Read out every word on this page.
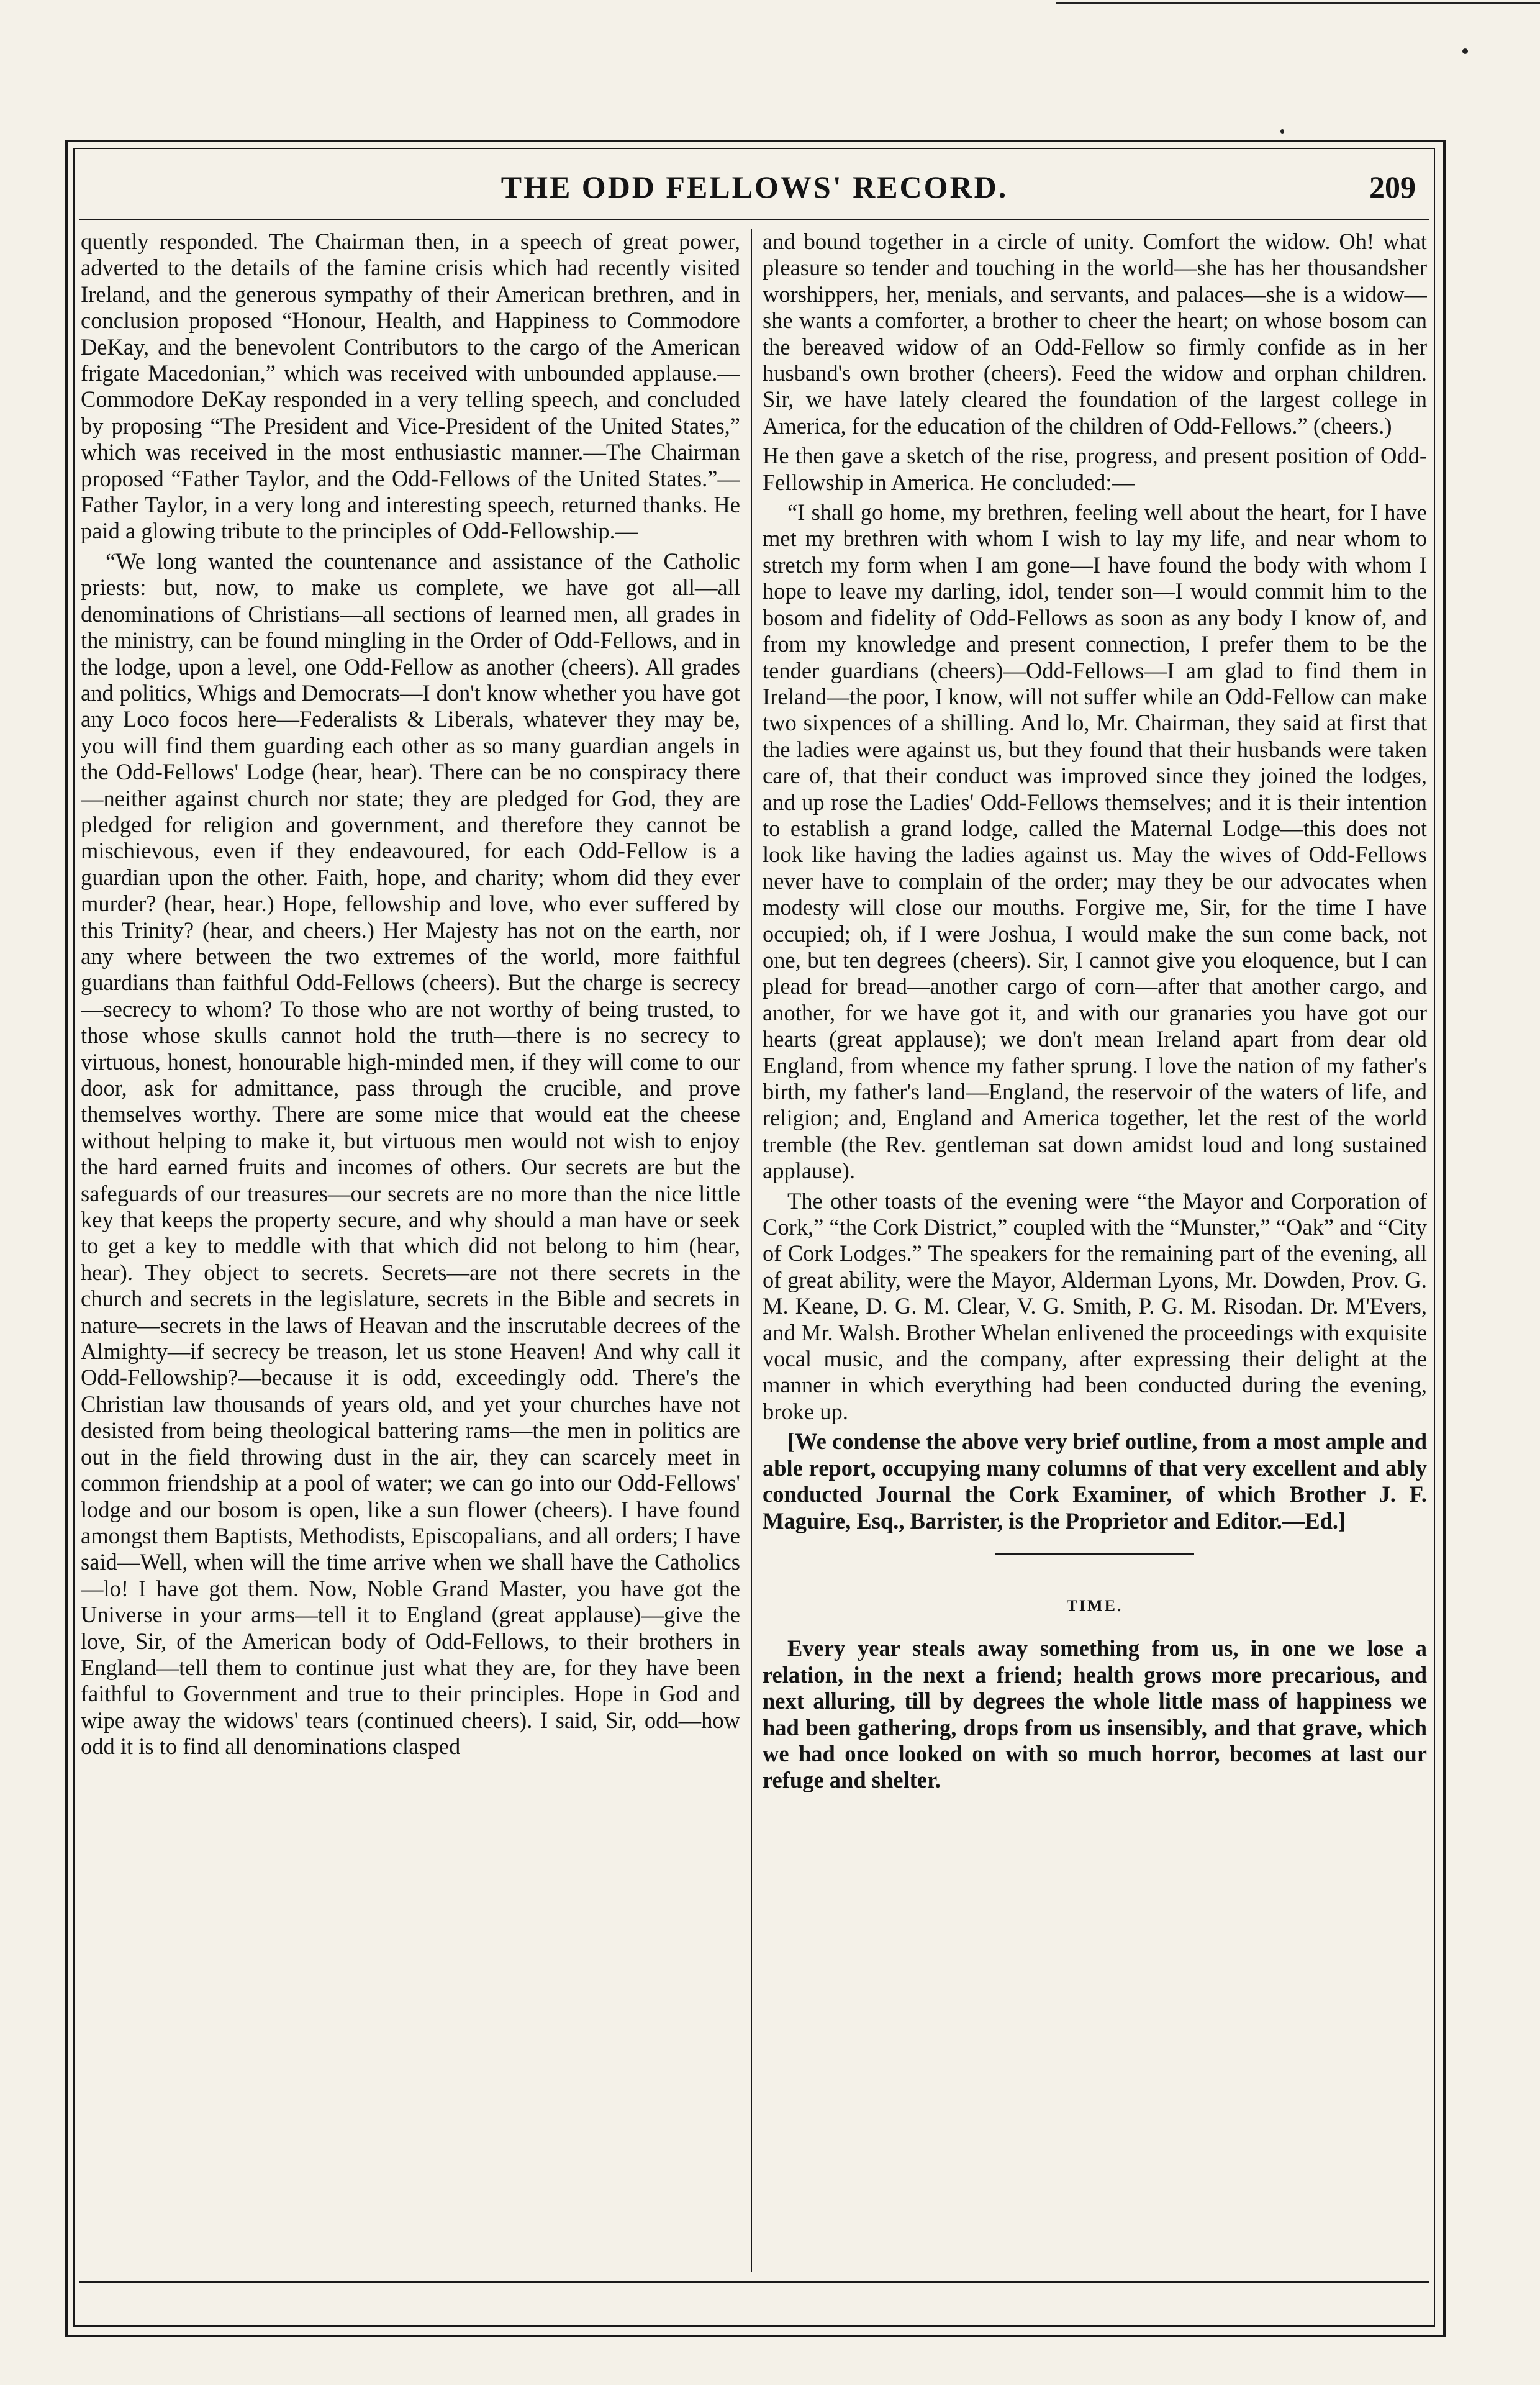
THE ODD FELLOWS' RECORD.	209

quently responded. The Chairman then, in a speech of great power, adverted to the details of the famine crisis which had recently visited Ireland, and the generous sympathy of their American brethren, and in conclusion proposed “Honour, Health, and Happiness to Commodore DeKay, and the benevolent Contributors to the cargo of the American frigate Macedonian,” which was received with unbounded applause.—Commodore DeKay responded in a very telling speech, and concluded by proposing “The President and Vice-President of the United States,” which was received in the most enthusiastic manner.—The Chairman proposed “Father Taylor, and the Odd-Fellows of the United States.”—Father Taylor, in a very long and interesting speech, returned thanks. He paid a glowing tribute to the principles of Odd-Fellowship.—

“We long wanted the countenance and assistance of the Catholic priests: but, now, to make us complete, we have got all—all denominations of Christians—all sections of learned men, all grades in the ministry, can be found mingling in the Order of Odd-Fellows, and in the lodge, upon a level, one Odd-Fellow as another (cheers). All grades and politics, Whigs and Democrats—I don't know whether you have got any Loco focos here—Federalists & Liberals, whatever they may be, you will find them guarding each other as so many guardian angels in the Odd-Fellows' Lodge (hear, hear). There can be no conspiracy there—neither against church nor state; they are pledged for God, they are pledged for religion and government, and therefore they cannot be mischievous, even if they endeavoured, for each Odd-Fellow is a guardian upon the other. Faith, hope, and charity; whom did they ever murder? (hear, hear.) Hope, fellowship and love, who ever suffered by this Trinity? (hear, and cheers.) Her Majesty has not on the earth, nor any where between the two extremes of the world, more faithful guardians than faithful Odd-Fellows (cheers). But the charge is secrecy—secrecy to whom? To those who are not worthy of being trusted, to those whose skulls cannot hold the truth—there is no secrecy to virtuous, honest, honourable high-minded men, if they will come to our door, ask for admittance, pass through the crucible, and prove themselves worthy. There are some mice that would eat the cheese without helping to make it, but virtuous men would not wish to enjoy the hard earned fruits and incomes of others. Our secrets are but the safeguards of our treasures—our secrets are no more than the nice little key that keeps the property secure, and why should a man have or seek to get a key to meddle with that which did not belong to him (hear, hear). They object to secrets. Secrets—are not there secrets in the church and secrets in the legislature, secrets in the Bible and secrets in nature—secrets in the laws of Heavan and the inscrutable decrees of the Almighty—if secrecy be treason, let us stone Heaven! And why call it Odd-Fellowship?—because it is odd, exceedingly odd. There's the Christian law thousands of years old, and yet your churches have not desisted from being theological battering rams—the men in politics are out in the field throwing dust in the air, they can scarcely meet in common friendship at a pool of water; we can go into our Odd-Fellows' lodge and our bosom is open, like a sun flower (cheers). I have found amongst them Baptists, Methodists, Episcopalians, and all orders; I have said—Well, when will the time arrive when we shall have the Catholics—lo! I have got them. Now, Noble Grand Master, you have got the Universe in your arms—tell it to England (great applause)—give the love, Sir, of the American body of Odd-Fellows, to their brothers in England—tell them to continue just what they are, for they have been faithful to Government and true to their principles. Hope in God and wipe away the widows' tears (continued cheers). I said, Sir, odd—how odd it is to find all denominations clasped

and bound together in a circle of unity. Comfort the widow. Oh! what pleasure so tender and touching in the world—she has her thousandsher worshippers, her, menials, and servants, and palaces—she is a widow—she wants a comforter, a brother to cheer the heart; on whose bosom can the bereaved widow of an Odd-Fellow so firmly confide as in her husband's own brother (cheers). Feed the widow and orphan children. Sir, we have lately cleared the foundation of the largest college in America, for the education of the children of Odd-Fellows.” (cheers.)

He then gave a sketch of the rise, progress, and present position of Odd-Fellowship in America. He concluded:—

“I shall go home, my brethren, feeling well about the heart, for I have met my brethren with whom I wish to lay my life, and near whom to stretch my form when I am gone—I have found the body with whom I hope to leave my darling, idol, tender son—I would commit him to the bosom and fidelity of Odd-Fellows as soon as any body I know of, and from my knowledge and present connection, I prefer them to be the tender guardians (cheers)—Odd-Fellows—I am glad to find them in Ireland—the poor, I know, will not suffer while an Odd-Fellow can make two sixpences of a shilling. And lo, Mr. Chairman, they said at first that the ladies were against us, but they found that their husbands were taken care of, that their conduct was improved since they joined the lodges, and up rose the Ladies' Odd-Fellows themselves; and it is their intention to establish a grand lodge, called the Maternal Lodge—this does not look like having the ladies against us. May the wives of Odd-Fellows never have to complain of the order; may they be our advocates when modesty will close our mouths. Forgive me, Sir, for the time I have occupied; oh, if I were Joshua, I would make the sun come back, not one, but ten degrees (cheers). Sir, I cannot give you eloquence, but I can plead for bread—another cargo of corn—after that another cargo, and another, for we have got it, and with our granaries you have got our hearts (great applause); we don't mean Ireland apart from dear old England, from whence my father sprung. I love the nation of my father's birth, my father's land—England, the reservoir of the waters of life, and religion; and, England and America together, let the rest of the world tremble (the Rev. gentleman sat down amidst loud and long sustained applause).

The other toasts of the evening were “the Mayor and Corporation of Cork,” “the Cork District,” coupled with the “Munster,” “Oak” and “City of Cork Lodges.” The speakers for the remaining part of the evening, all of great ability, were the Mayor, Alderman Lyons, Mr. Dowden, Prov. G. M. Keane, D. G. M. Clear, V. G. Smith, P. G. M. Risodan. Dr. M'Evers, and Mr. Walsh. Brother Whelan enlivened the proceedings with exquisite vocal music, and the company, after expressing their delight at the manner in which everything had been conducted during the evening, broke up.

[We condense the above very brief outline, from a most ample and able report, occupying many columns of that very excellent and ably conducted Journal the Cork Examiner, of which Brother J. F. Maguire, Esq., Barrister, is the Proprietor and Editor.—Ed.]

TIME.

Every year steals away something from us, in one we lose a relation, in the next a friend; health grows more precarious, and next alluring, till by degrees the whole little mass of happiness we had been gathering, drops from us insensibly, and that grave, which we had once looked on with so much horror, becomes at last our refuge and shelter.
